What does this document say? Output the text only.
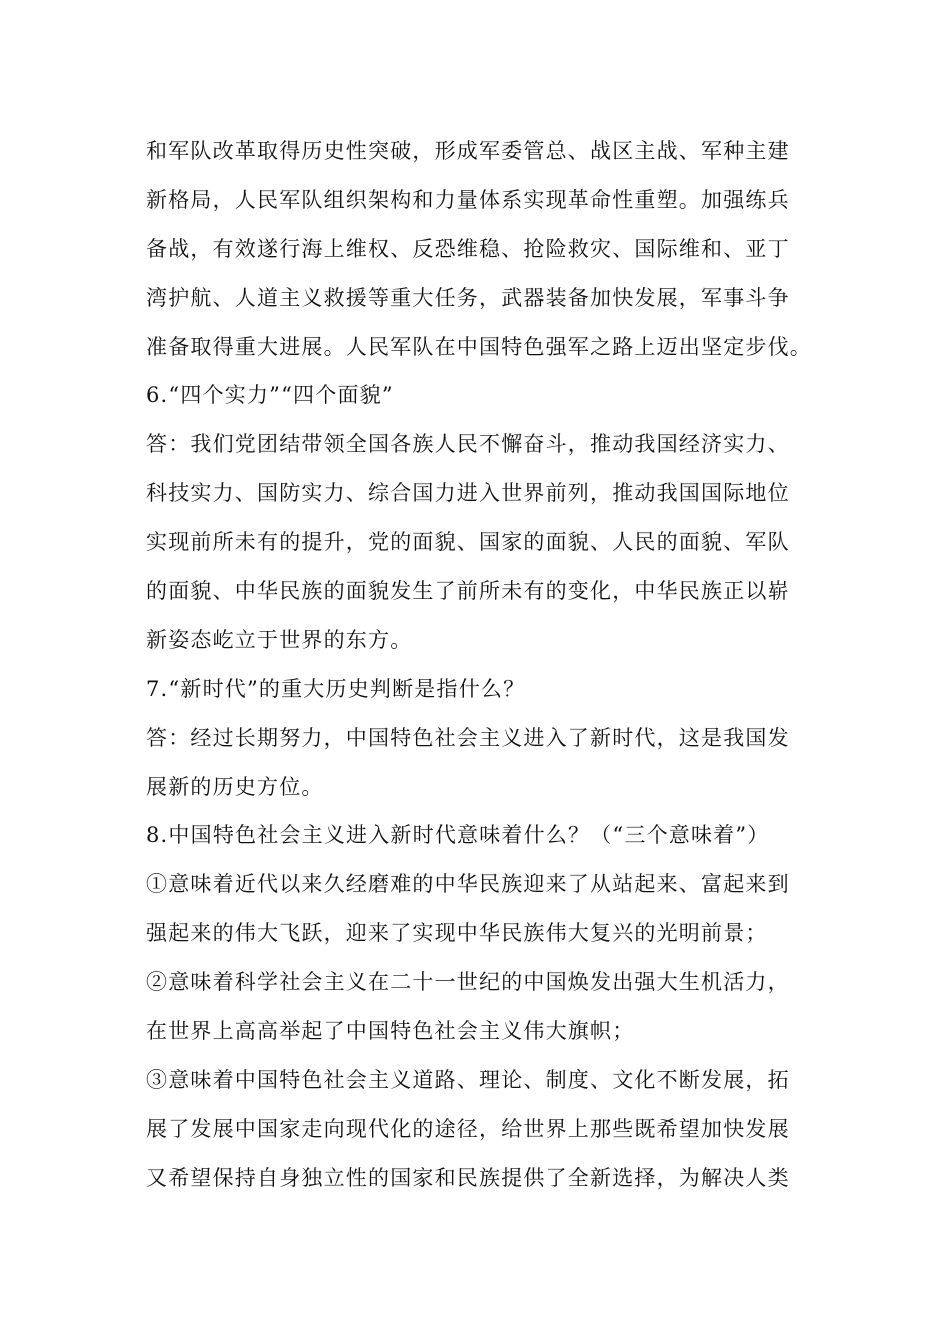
和军队改革取得历史性突破，形成军委管总、战区主战、军种主建
新格局，人民军队组织架构和力量体系实现革命性重塑。加强练兵
备战，有效遂行海上维权、反恐维稳、抢险救灾、国际维和、亚丁
湾护航、人道主义救援等重大任务，武器装备加快发展，军事斗争
准备取得重大进展。人民军队在中国特色强军之路上迈出坚定步伐。
6.“四个实力”“四个面貌”
答：我们党团结带领全国各族人民不懈奋斗，推动我国经济实力、
科技实力、国防实力、综合国力进入世界前列，推动我国国际地位
实现前所未有的提升，党的面貌、国家的面貌、人民的面貌、军队
的面貌、中华民族的面貌发生了前所未有的变化，中华民族正以崭
新姿态屹立于世界的东方。
7.“新时代”的重大历史判断是指什么？
答：经过长期努力，中国特色社会主义进入了新时代，这是我国发
展新的历史方位。
8.中国特色社会主义进入新时代意味着什么？（“三个意味着”）
①意味着近代以来久经磨难的中华民族迎来了从站起来、富起来到
强起来的伟大飞跃，迎来了实现中华民族伟大复兴的光明前景；
②意味着科学社会主义在二十一世纪的中国焕发出强大生机活力，
在世界上高高举起了中国特色社会主义伟大旗帜；
③意味着中国特色社会主义道路、理论、制度、文化不断发展，拓
展了发展中国家走向现代化的途径，给世界上那些既希望加快发展
又希望保持自身独立性的国家和民族提供了全新选择，为解决人类
